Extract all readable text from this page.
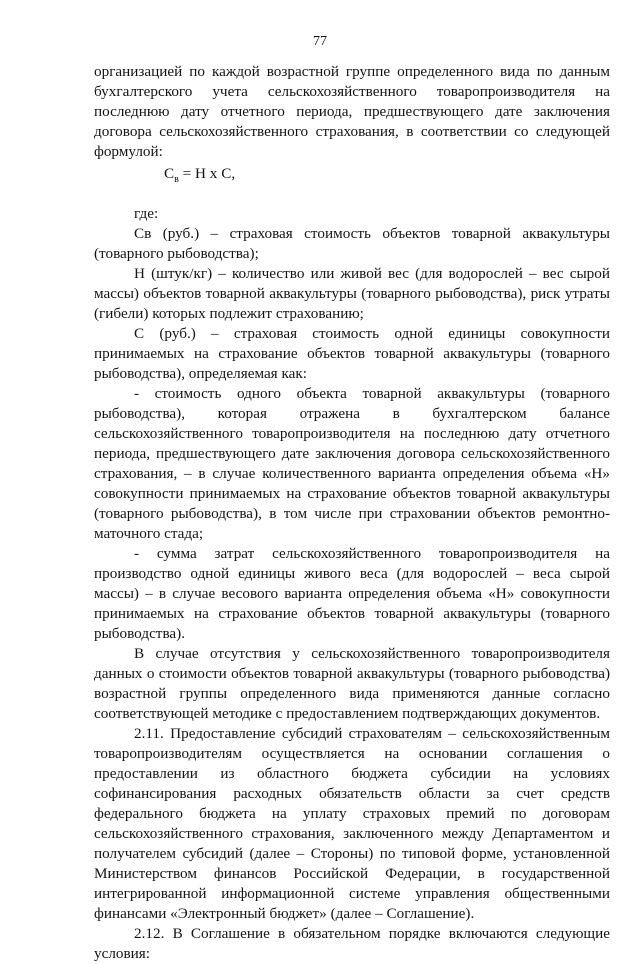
77

организацией по каждой возрастной группе определенного вида по данным бухгалтерского учета сельскохозяйственного товаропроизводителя на последнюю дату отчетного периода, предшествующего дате заключения договора сельскохозяйственного страхования, в соответствии со следующей формулой:

$С_в = Н$ х С,

где:

Св (руб.) – страховая стоимость объектов товарной аквакультуры (товарного рыбоводства);

Н (штук/кг) – количество или живой вес (для водорослей – вес сырой массы) объектов товарной аквакультуры (товарного рыбоводства), риск утраты (гибели) которых подлежит страхованию;

С (руб.) – страховая стоимость одной единицы совокупности принимаемых на страхование объектов товарной аквакультуры (товарного рыбоводства), определяемая как:

- стоимость одного объекта товарной аквакультуры (товарного рыбоводства), которая отражена в бухгалтерском балансе сельскохозяйственного товаропроизводителя на последнюю дату отчетного периода, предшествующего дате заключения договора сельскохозяйственного страхования, – в случае количественного варианта определения объема «Н» совокупности принимаемых на страхование объектов товарной аквакультуры (товарного рыбоводства), в том числе при страховании объектов ремонтно-маточного стада;

- сумма затрат сельскохозяйственного товаропроизводителя на производство одной единицы живого веса (для водорослей – веса сырой массы) – в случае весового варианта определения объема «Н» совокупности принимаемых на страхование объектов товарной аквакультуры (товарного рыбоводства).

В случае отсутствия у сельскохозяйственного товаропроизводителя данных о стоимости объектов товарной аквакультуры (товарного рыбоводства) возрастной группы определенного вида применяются данные согласно соответствующей методике с предоставлением подтверждающих документов.

2.11. Предоставление субсидий страхователям – сельскохозяйственным товаропроизводителям осуществляется на основании соглашения о предоставлении из областного бюджета субсидии на условиях софинансирования расходных обязательств области за счет средств федерального бюджета на уплату страховых премий по договорам сельскохозяйственного страхования, заключенного между Департаментом и получателем субсидий (далее – Стороны) по типовой форме, установленной Министерством финансов Российской Федерации, в государственной интегрированной информационной системе управления общественными финансами «Электронный бюджет» (далее – Соглашение).

2.12. В Соглашение в обязательном порядке включаются следующие условия:
